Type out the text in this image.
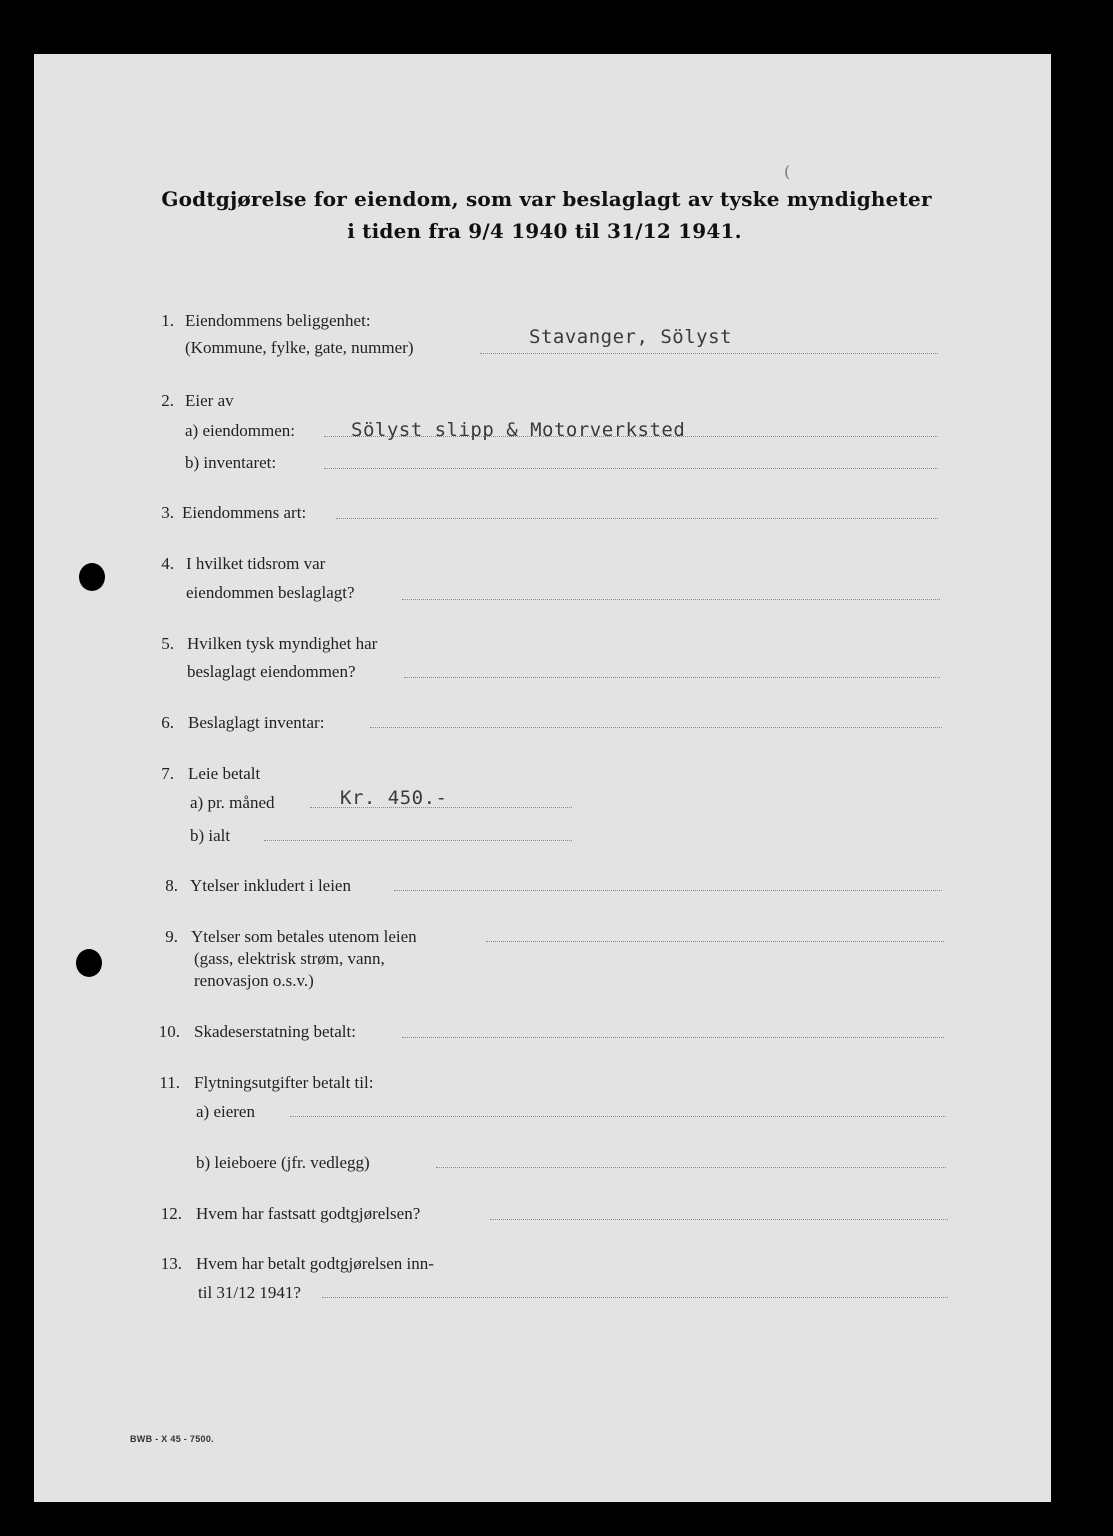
Godtgjørelse for eiendom, som var beslaglagt av tyske myndigheter
i tiden fra 9/4 1940 til 31/12 1941.
(
1. Eiendommens beliggenhet:
(Kommune, fylke, gate, nummer)	Stavanger, Sölyst
2. Eier av
a) eiendommen:	Sölyst slipp & Motorverksted
b) inventaret:
3. Eiendommens art:
4. I hvilket tidsrom var
eiendommen beslaglagt?
5. Hvilken tysk myndighet har
beslaglagt eiendommen?
6. Beslaglagt inventar:
7. Leie betalt
a) pr. måned	Kr. 450.-
b) ialt
8. Ytelser inkludert i leien
9. Ytelser som betales utenom leien
(gass, elektrisk strøm, vann,
renovasjon o.s.v.)
10. Skadeserstatning betalt:
11. Flytningsutgifter betalt til:
a) eieren
b) leieboere (jfr. vedlegg)
12. Hvem har fastsatt godtgjørelsen?
13. Hvem har betalt godtgjørelsen inn-
til 31/12 1941?
BWB - X 45 - 7500.
